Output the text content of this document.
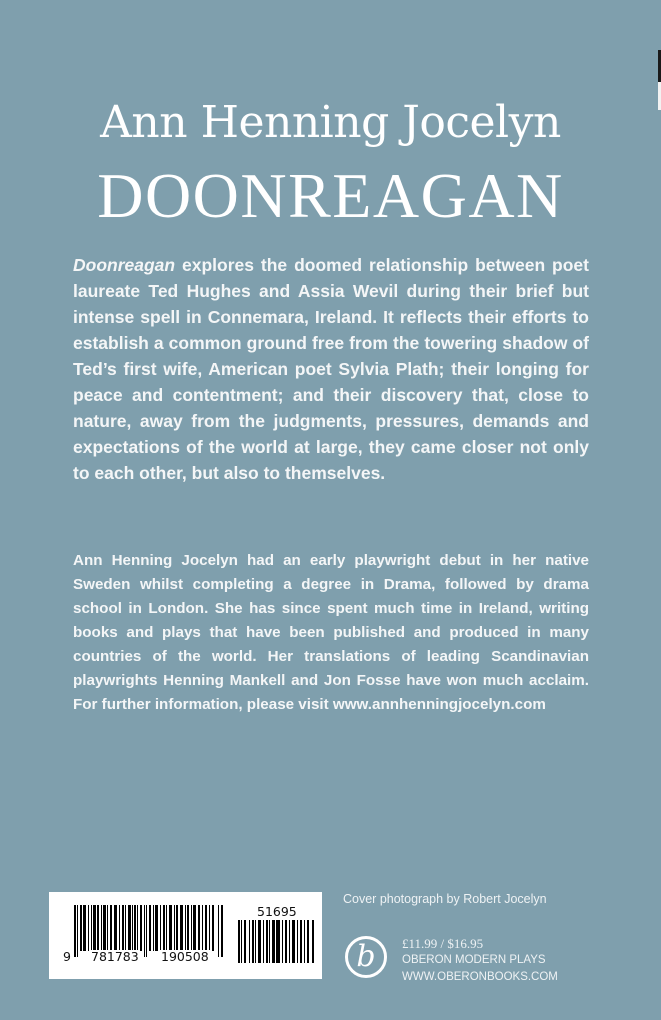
Ann Henning Jocelyn
DOONREAGAN

Doonreagan explores the doomed relationship between poet laureate Ted Hughes and Assia Wevil during their brief but intense spell in Connemara, Ireland. It reflects their efforts to establish a common ground free from the towering shadow of Ted’s first wife, American poet Sylvia Plath; their longing for peace and contentment; and their discovery that, close to nature, away from the judgments, pressures, demands and expectations of the world at large, they came closer not only to each other, but also to themselves.

Ann Henning Jocelyn had an early playwright debut in her native Sweden whilst completing a degree in Drama, followed by drama school in London. She has since spent much time in Ireland, writing books and plays that have been published and produced in many countries of the world. Her translations of leading Scandinavian playwrights Henning Mankell and Jon Fosse have won much acclaim. For further information, please visit www.annhenningjocelyn.com

9 781783 190508
51695
Cover photograph by Robert Jocelyn
b £11.99 / $16.95
OBERON MODERN PLAYS
WWW.OBERONBOOKS.COM
